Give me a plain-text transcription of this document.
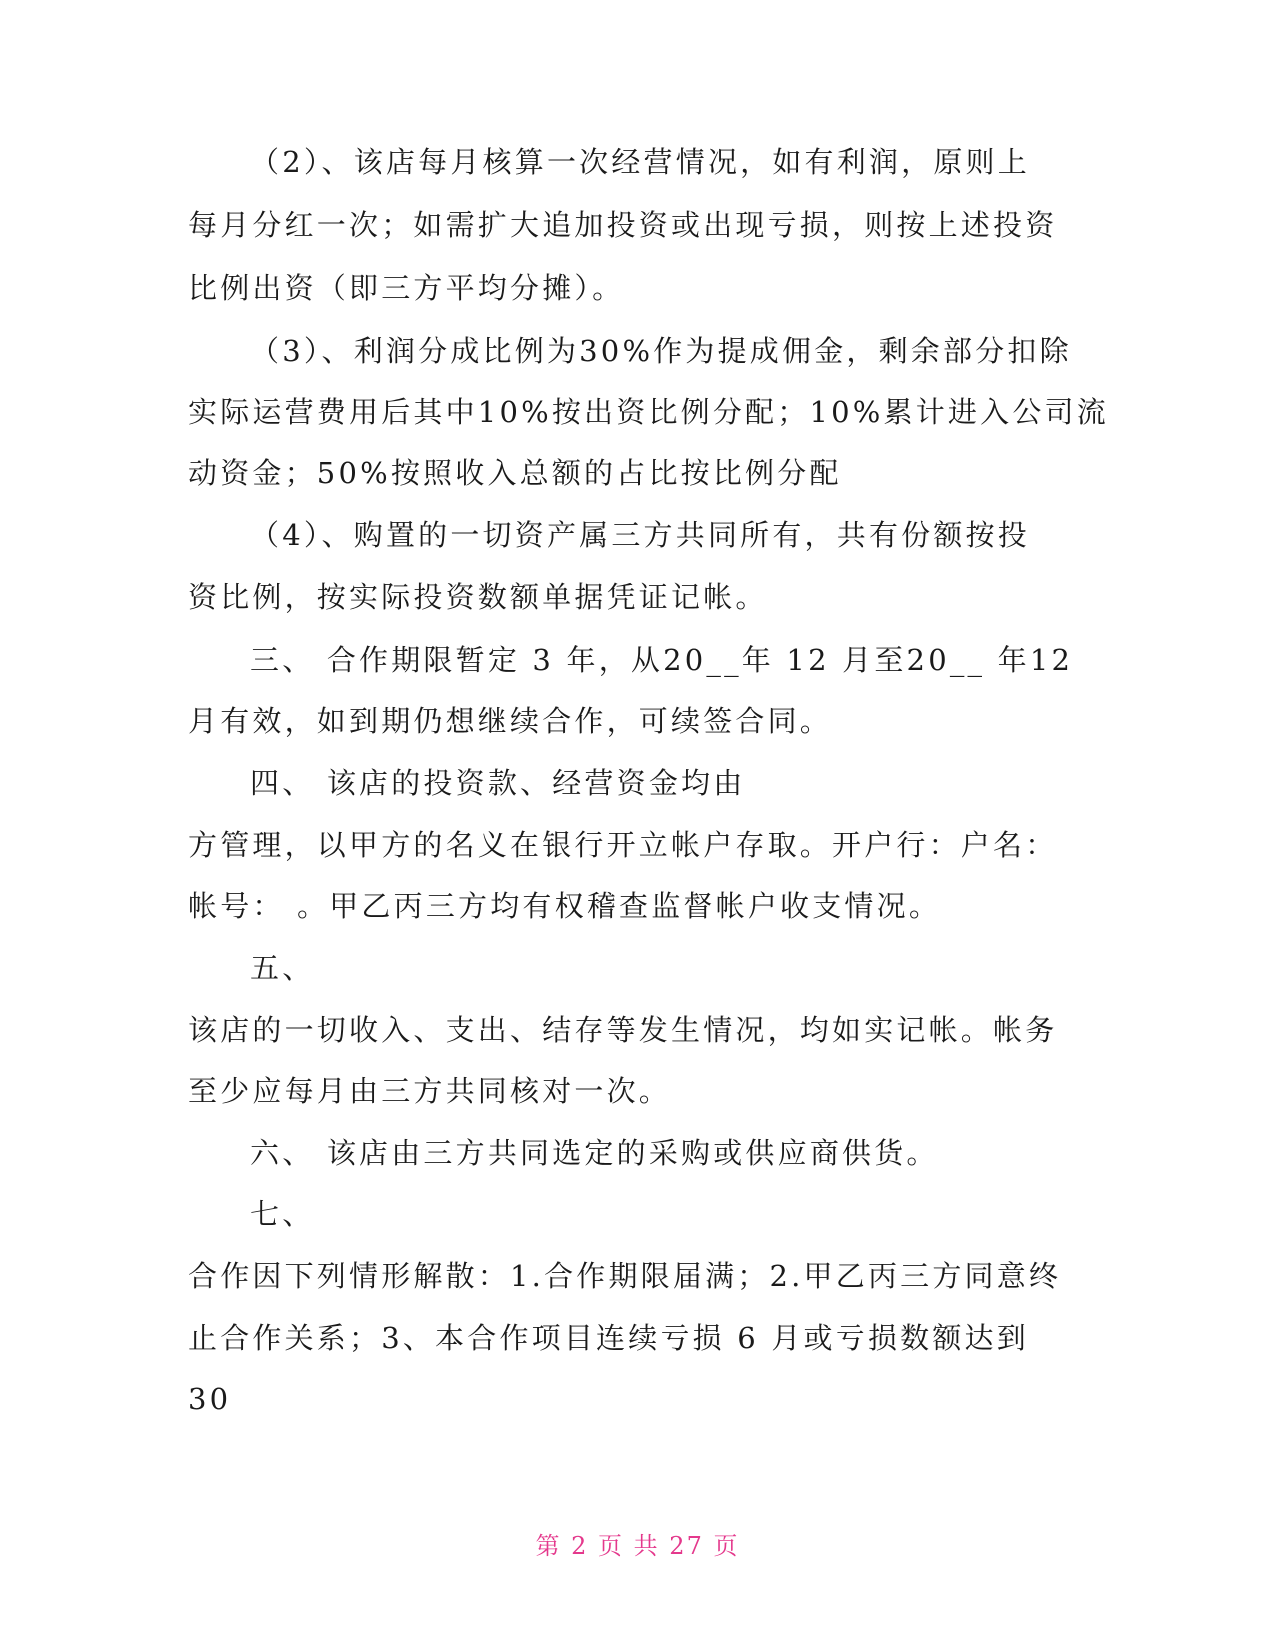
（2）、该店每月核算一次经营情况，如有利润，原则上
每月分红一次；如需扩大追加投资或出现亏损，则按上述投资
比例出资（即三方平均分摊）。
（3）、利润分成比例为30%作为提成佣金，剩余部分扣除
实际运营费用后其中10%按出资比例分配；10%累计进入公司流
动资金；50%按照收入总额的占比按比例分配
（4）、购置的一切资产属三方共同所有，共有份额按投
资比例，按实际投资数额单据凭证记帐。
三、 合作期限暂定 3 年，从20__年 12 月至20__ 年12
月有效，如到期仍想继续合作，可续签合同。
四、 该店的投资款、经营资金均由
方管理，以甲方的名义在银行开立帐户存取。开户行：户名：
帐号： 。甲乙丙三方均有权稽查监督帐户收支情况。
五、
该店的一切收入、支出、结存等发生情况，均如实记帐。帐务
至少应每月由三方共同核对一次。
六、 该店由三方共同选定的采购或供应商供货。
七、
合作因下列情形解散：1.合作期限届满；2.甲乙丙三方同意终
止合作关系；3、本合作项目连续亏损 6 月或亏损数额达到
30
第 2 页 共 27 页
